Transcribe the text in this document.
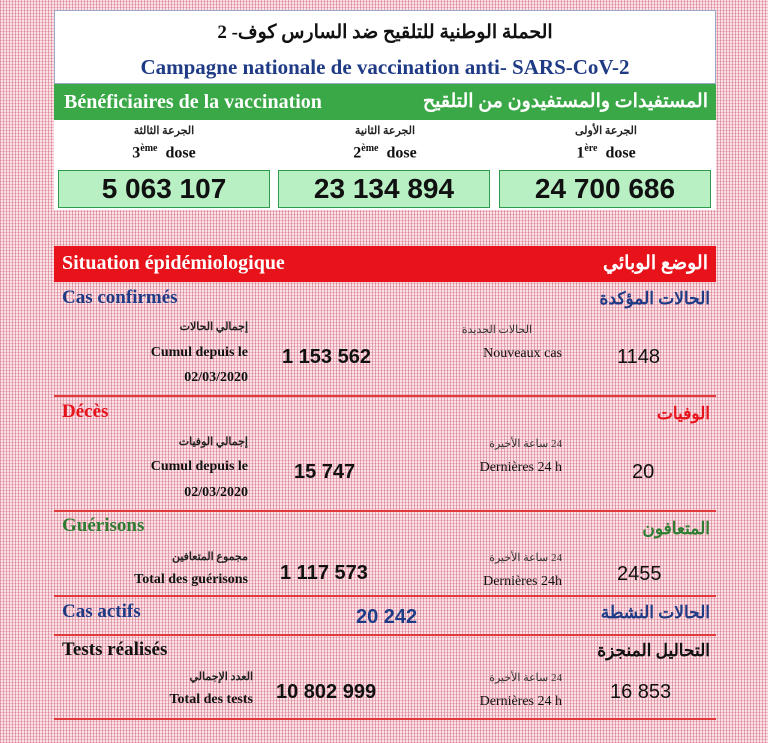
الحملة الوطنية للتلقيح ضد السارس كوف- 2
Campagne nationale de vaccination anti- SARS-CoV-2
Bénéficiaires de la vaccination	المستفيدات والمستفيدون من التلقيح
الجرعة الثالثة
3ème dose
الجرعة الثانية
2ème dose
الجرعة الأولى
1ère dose
5 063 107	23 134 894	24 700 686
Situation épidémiologique	الوضع الوبائي
Cas confirmés	الحالات المؤكدة
إجمالي الحالات
Cumul depuis le
02/03/2020
1 153 562
الحالات الجديدة
Nouveaux cas	1148
Décès	الوفيات
إجمالي الوفيات
Cumul depuis le
02/03/2020
15 747
24 ساعة الأخيرة
Dernières 24 h	20
Guérisons	المتعافون
مجموع المتعافين
Total des guérisons 1 117 573
24 ساعة الأخيرة
Dernières 24h	2455
Cas actifs	الحالات النشطة
20 242
Tests réalisés	التحاليل المنجزة
العدد الإجمالي
Total des tests 10 802 999
24 ساعة الأخيرة
Dernières 24 h 16 853
